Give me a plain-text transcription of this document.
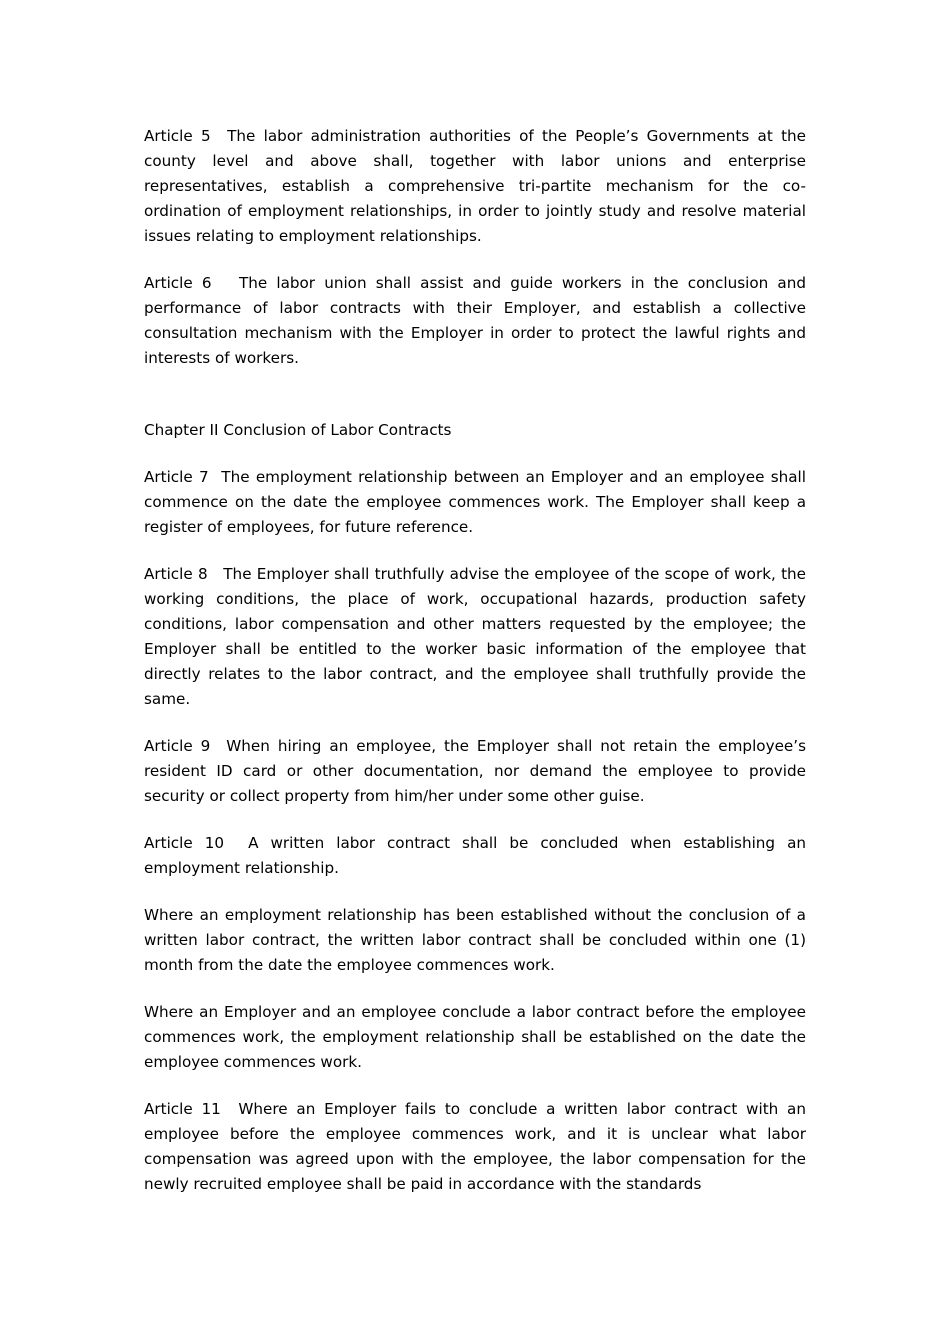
Article 5  The labor administration authorities of the People’s Governments at the county level and above shall, together with labor unions and enterprise representatives, establish a comprehensive tri-partite mechanism for the co-ordination of employment relationships, in order to jointly study and resolve material issues relating to employment relationships.

Article 6   The labor union shall assist and guide workers in the conclusion and performance of labor contracts with their Employer, and establish a collective consultation mechanism with the Employer in order to protect the lawful rights and interests of workers.

Chapter II Conclusion of Labor Contracts

Article 7  The employment relationship between an Employer and an employee shall commence on the date the employee commences work. The Employer shall keep a register of employees, for future reference.

Article 8   The Employer shall truthfully advise the employee of the scope of work, the working conditions, the place of work, occupational hazards, production safety conditions, labor compensation and other matters requested by the employee; the Employer shall be entitled to the worker basic information of the employee that directly relates to the labor contract, and the employee shall truthfully provide the same.

Article 9  When hiring an employee, the Employer shall not retain the employee’s resident ID card or other documentation, nor demand the employee to provide security or collect property from him/her under some other guise.

Article 10  A written labor contract shall be concluded when establishing an employment relationship.

Where an employment relationship has been established without the conclusion of a written labor contract, the written labor contract shall be concluded within one (1) month from the date the employee commences work.

Where an Employer and an employee conclude a labor contract before the employee commences work, the employment relationship shall be established on the date the employee commences work.

Article 11  Where an Employer fails to conclude a written labor contract with an employee before the employee commences work, and it is unclear what labor compensation was agreed upon with the employee, the labor compensation for the newly recruited employee shall be paid in accordance with the standards
